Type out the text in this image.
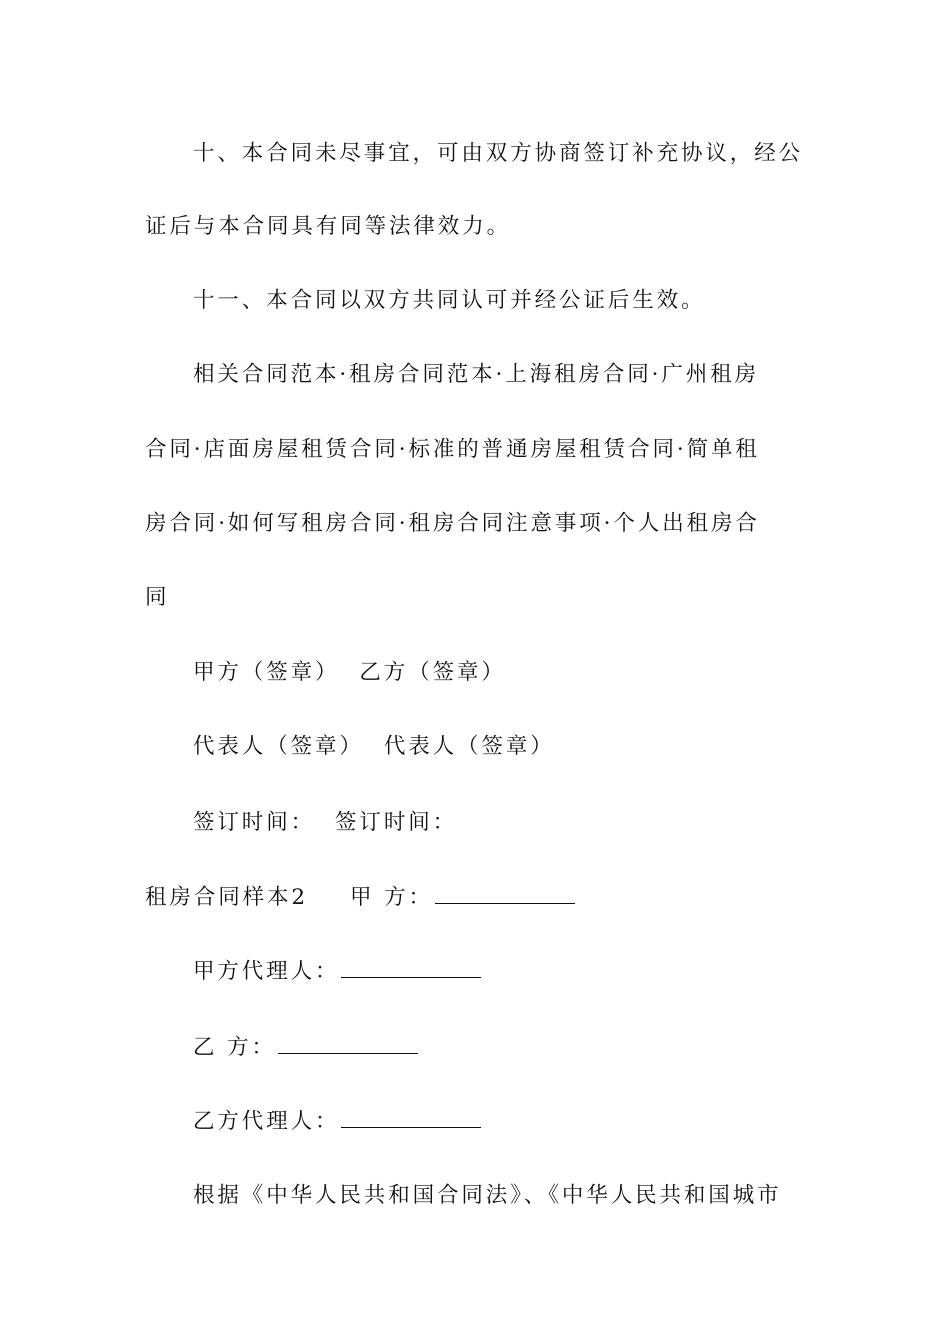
十、本合同未尽事宜，可由双方协商签订补充协议，经公
证后与本合同具有同等法律效力。
十一、本合同以双方共同认可并经公证后生效。
相关合同范本·租房合同范本·上海租房合同·广州租房
合同·店面房屋租赁合同·标准的普通房屋租赁合同·简单租
房合同·如何写租房合同·租房合同注意事项·个人出租房合
同
甲方（签章） 乙方（签章）
代表人（签章） 代表人（签章）
签订时间： 签订时间：
租房合同样本2 甲 方：
甲方代理人：
乙 方：
乙方代理人：
根据《中华人民共和国合同法》、《中华人民共和国城市
